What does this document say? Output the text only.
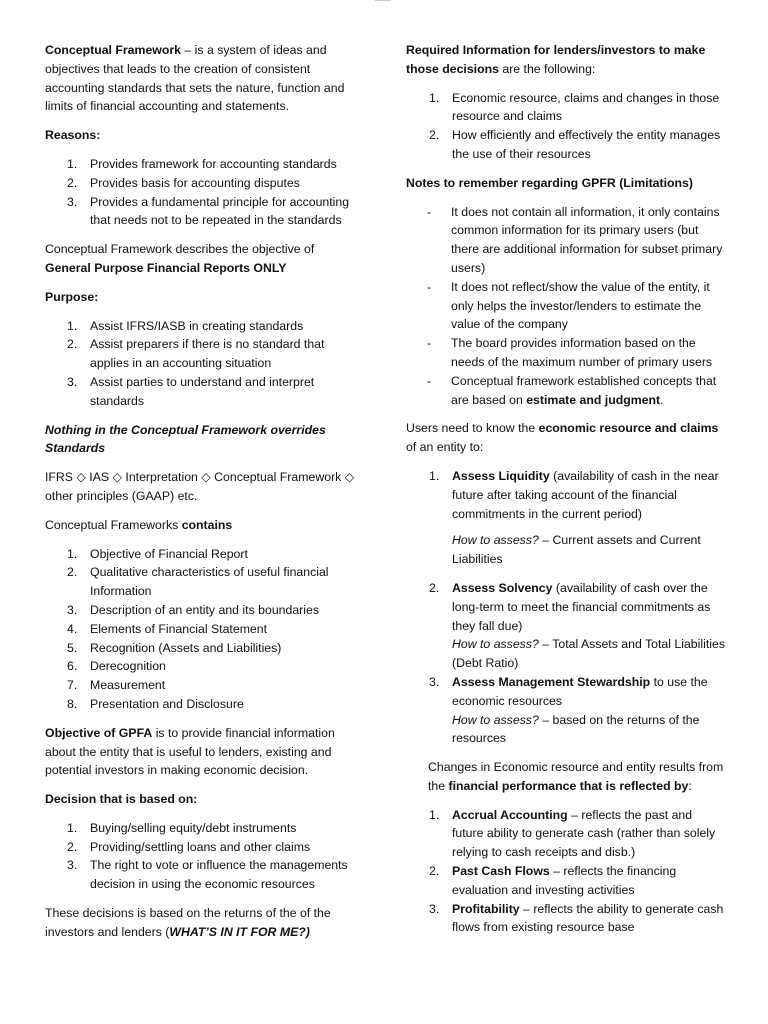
Conceptual Framework – is a system of ideas and objectives that leads to the creation of consistent accounting standards that sets the nature, function and limits of financial accounting and statements.

Reasons:

1. Provides framework for accounting standards
2. Provides basis for accounting disputes
3. Provides a fundamental principle for accounting that needs not to be repeated in the standards

Conceptual Framework describes the objective of
General Purpose Financial Reports ONLY

Purpose:

1. Assist IFRS/IASB in creating standards
2. Assist preparers if there is no standard that applies in an accounting situation
3. Assist parties to understand and interpret standards

Nothing in the Conceptual Framework overrides Standards

IFRS ◇ IAS ◇ Interpretation ◇ Conceptual Framework ◇ other principles (GAAP) etc.

Conceptual Frameworks contains

1. Objective of Financial Report
2. Qualitative characteristics of useful financial Information
3. Description of an entity and its boundaries
4. Elements of Financial Statement
5. Recognition (Assets and Liabilities)
6. Derecognition
7. Measurement
8. Presentation and Disclosure

Objective of GPFA is to provide financial information about the entity that is useful to lenders, existing and potential investors in making economic decision.

Decision that is based on:

1. Buying/selling equity/debt instruments
2. Providing/settling loans and other claims
3. The right to vote or influence the managements decision in using the economic resources

These decisions is based on the returns of the of the investors and lenders (WHAT’S IN IT FOR ME?)

Required Information for lenders/investors to make those decisions are the following:

1. Economic resource, claims and changes in those resource and claims
2. How efficiently and effectively the entity manages the use of their resources

Notes to remember regarding GPFR (Limitations)

- It does not contain all information, it only contains common information for its primary users (but there are additional information for subset primary users)
- It does not reflect/show the value of the entity, it only helps the investor/lenders to estimate the value of the company
- The board provides information based on the needs of the maximum number of primary users
- Conceptual framework established concepts that are based on estimate and judgment.

Users need to know the economic resource and claims of an entity to:

1. Assess Liquidity (availability of cash in the near future after taking account of the financial commitments in the current period)
How to assess? – Current assets and Current Liabilities
2. Assess Solvency (availability of cash over the long-term to meet the financial commitments as they fall due)
How to assess? – Total Assets and Total Liabilities (Debt Ratio)
3. Assess Management Stewardship to use the economic resources
How to assess? – based on the returns of the resources

Changes in Economic resource and entity results from the financial performance that is reflected by:

1. Accrual Accounting – reflects the past and future ability to generate cash (rather than solely relying to cash receipts and disb.)
2. Past Cash Flows – reflects the financing evaluation and investing activities
3. Profitability – reflects the ability to generate cash flows from existing resource base
